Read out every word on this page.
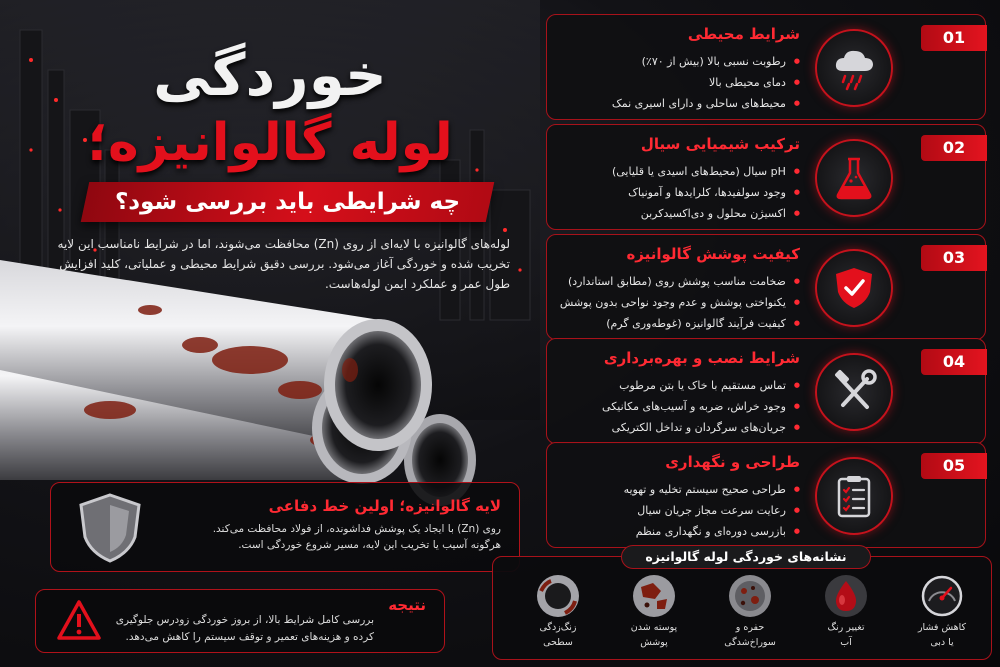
خوردگی
لوله گالوانیزه؛
چه شرایطی باید بررسی شود؟

لوله‌های گالوانیزه با لایه‌ای از روی (Zn) محافظت می‌شوند، اما در شرایط نامناسب این لایه تخریب شده و خوردگی آغاز می‌شود. بررسی دقیق شرایط محیطی و عملیاتی، کلید افزایش طول عمر و عملکرد ایمن لوله‌هاست.

لایه گالوانیزه؛ اولین خط دفاعی
روی (Zn) با ایجاد یک پوشش فداشونده، از فولاد محافظت می‌کند. هرگونه آسیب یا تخریب این لایه، مسیر شروع خوردگی است.
نتیجه
بررسی کامل شرایط بالا، از بروز خوردگی زودرس جلوگیری کرده و هزینه‌های تعمیر و توقف سیستم را کاهش می‌دهد.
01
شرایط محیطی
● رطوبت نسبی بالا (بیش از ۷۰٪)
● دمای محیطی بالا
● محیط‌های ساحلی و دارای اسیری نمک
02
ترکیب شیمیایی سیال
● pH سیال (محیط‌های اسیدی یا قلیایی)
● وجود سولفیدها، کلرایدها و آمونیاک
● اکسیژن محلول و دی‌اکسیدکربن
03
کیفیت پوشش گالوانیزه
● ضخامت مناسب پوشش روی (مطابق استاندارد)
● یکنواختی پوشش و عدم وجود نواحی بدون پوشش
● کیفیت فرآیند گالوانیزه (غوطه‌وری گرم)
04
شرایط نصب و بهره‌برداری
● تماس مستقیم با خاک یا بتن مرطوب
● وجود خراش، ضربه و آسیب‌های مکانیکی
● جریان‌های سرگردان و تداخل الکتریکی
05
طراحی و نگهداری
● طراحی صحیح سیستم تخلیه و تهویه
● رعایت سرعت مجاز جریان سیال
● بازرسی دوره‌ای و نگهداری منظم
نشانه‌های خوردگی لوله گالوانیزه
کاهش فشار
یا دبی
تغییر رنگ
آب
حفره و
سوراخ‌شدگی
پوسته شدن
پوشش
زنگ‌زدگی
سطحی
